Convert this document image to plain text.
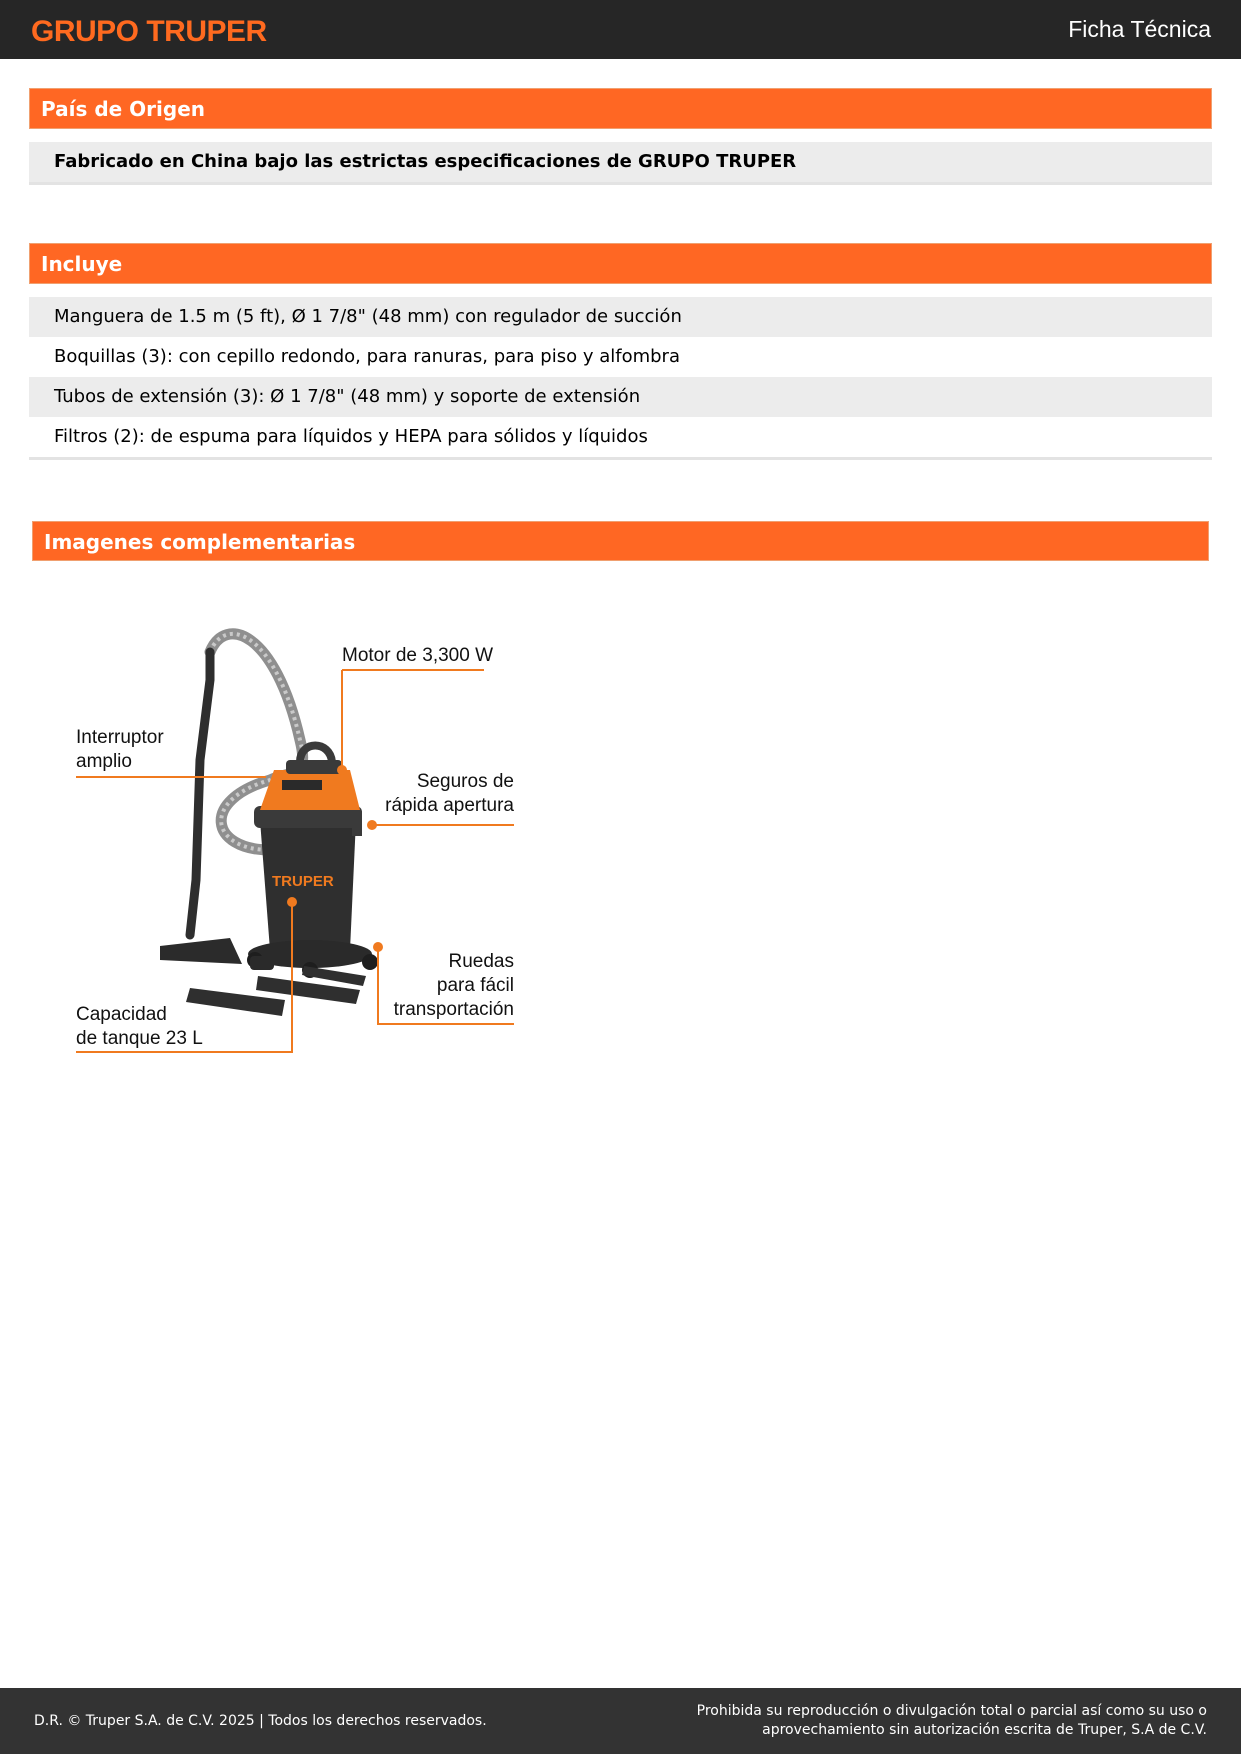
GRUPO TRUPER	Ficha Técnica
País de Origen
Fabricado en China bajo las estrictas especificaciones de GRUPO TRUPER
Incluye
Manguera de 1.5 m (5 ft), Ø 1 7/8" (48 mm) con regulador de succión
Boquillas (3): con cepillo redondo, para ranuras, para piso y alfombra
Tubos de extensión (3): Ø 1 7/8" (48 mm) y soporte de extensión
Filtros (2): de espuma para líquidos y HEPA para sólidos y líquidos
Imagenes complementarias
TRUPER
Motor de 3,300 W
Interruptor
amplio
Seguros de
rápida apertura
Ruedas
para fácil
transportación
Capacidad
de tanque 23 L
D.R. © Truper S.A. de C.V. 2025 | Todos los derechos reservados.
Prohibida su reproducción o divulgación total o parcial así como su uso o
aprovechamiento sin autorización escrita de Truper, S.A de C.V.
